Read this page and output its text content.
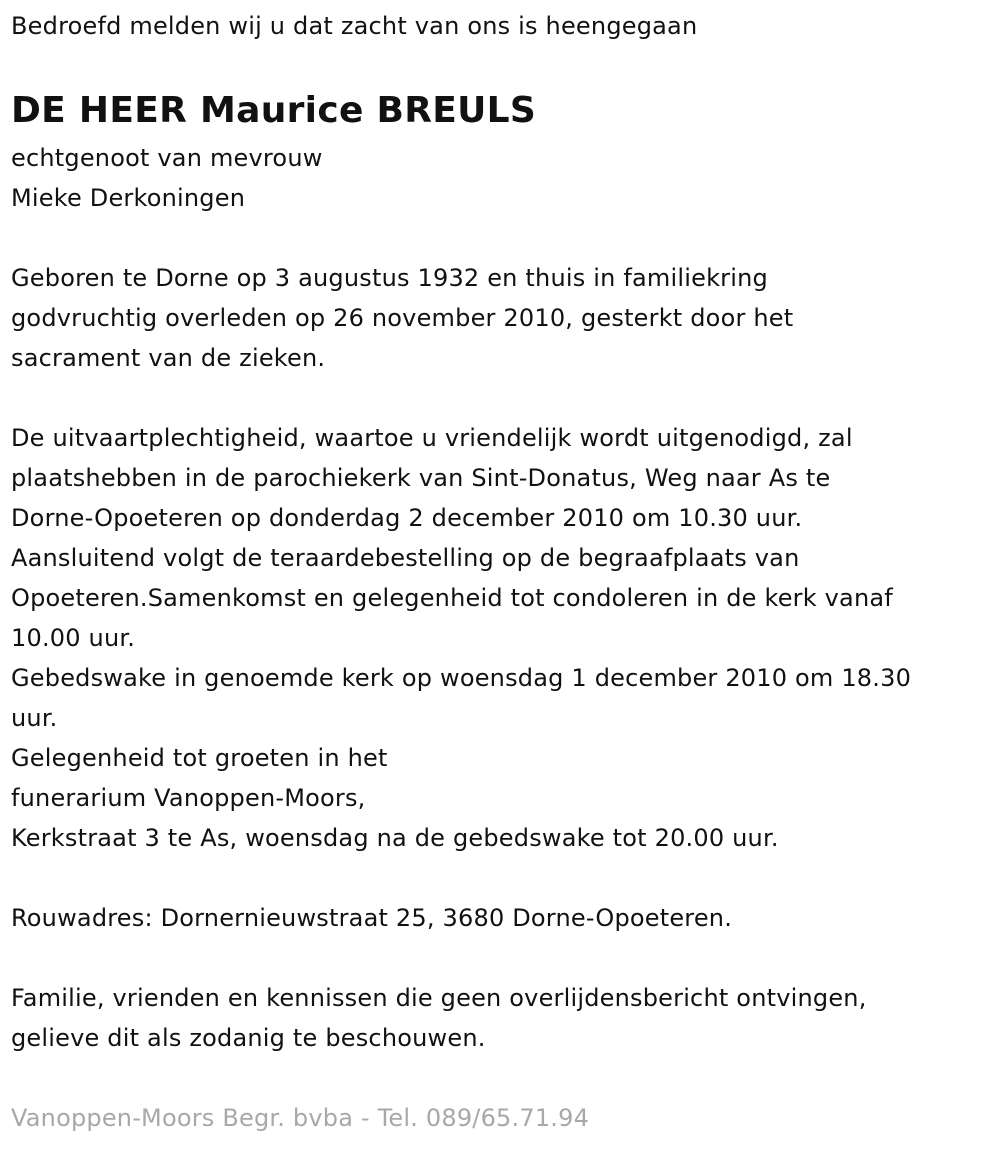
Bedroefd melden wij u dat zacht van ons is heengegaan
DE HEER Maurice BREULS
echtgenoot van mevrouw
Mieke Derkoningen
Geboren te Dorne op 3 augustus 1932 en thuis in familiekring
godvruchtig overleden op 26 november 2010, gesterkt door het
sacrament van de zieken.
De uitvaartplechtigheid, waartoe u vriendelijk wordt uitgenodigd, zal
plaatshebben in de parochiekerk van Sint-Donatus, Weg naar As te
Dorne-Opoeteren op donderdag 2 december 2010 om 10.30 uur.
Aansluitend volgt de teraardebestelling op de begraafplaats van
Opoeteren.Samenkomst en gelegenheid tot condoleren in de kerk vanaf
10.00 uur.
Gebedswake in genoemde kerk op woensdag 1 december 2010 om 18.30
uur.
Gelegenheid tot groeten in het
funerarium Vanoppen-Moors,
Kerkstraat 3 te As, woensdag na de gebedswake tot 20.00 uur.
Rouwadres: Dornernieuwstraat 25, 3680 Dorne-Opoeteren.
Familie, vrienden en kennissen die geen overlijdensbericht ontvingen,
gelieve dit als zodanig te beschouwen.
Vanoppen-Moors Begr. bvba - Tel. 089/65.71.94
